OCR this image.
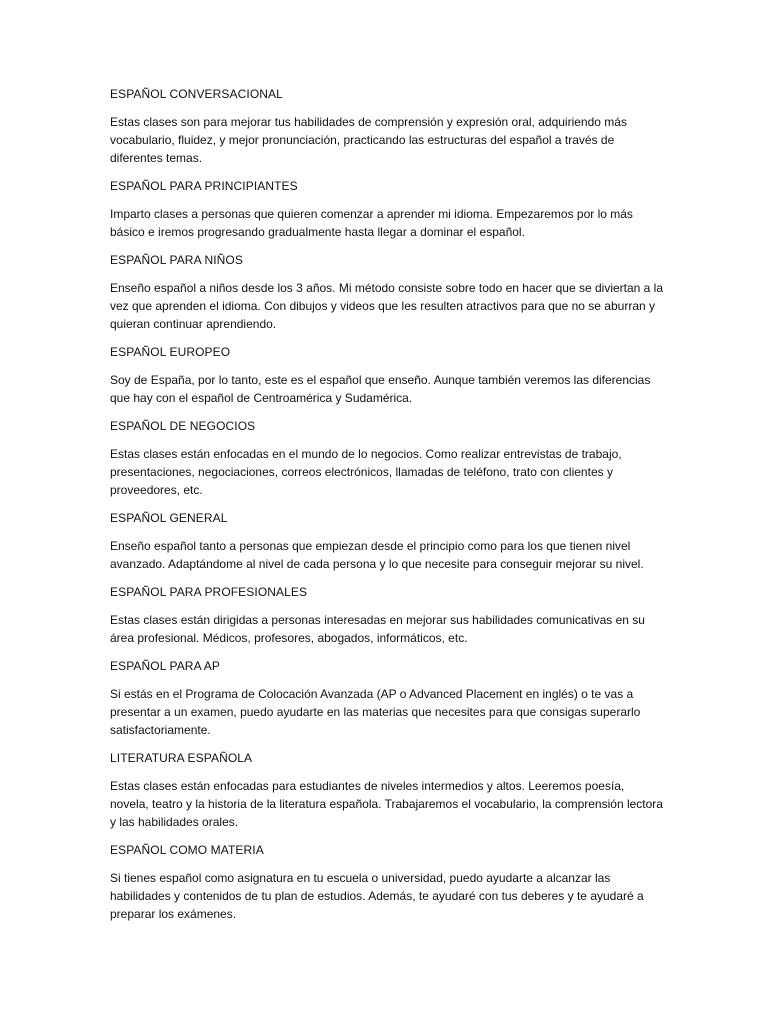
ESPAÑOL CONVERSACIONAL

Estas clases son para mejorar tus habilidades de comprensión y expresión oral, adquiriendo más vocabulario, fluidez, y mejor pronunciación, practicando las estructuras del español a través de diferentes temas.

ESPAÑOL PARA PRINCIPIANTES

Imparto clases a personas que quieren comenzar a aprender mi idioma. Empezaremos por lo más básico e iremos progresando gradualmente hasta llegar a dominar el español.

ESPAÑOL PARA NIÑOS

Enseño español a niños desde los 3 años. Mi método consiste sobre todo en hacer que se diviertan a la vez que aprenden el idioma. Con dibujos y videos que les resulten atractivos para que no se aburran y quieran continuar aprendiendo.

ESPAÑOL EUROPEO

Soy de España, por lo tanto, este es el español que enseño. Aunque también veremos las diferencias que hay con el español de Centroamérica y Sudamérica.

ESPAÑOL DE NEGOCIOS

Estas clases están enfocadas en el mundo de lo negocios. Como realizar entrevistas de trabajo, presentaciones, negociaciones, correos electrónicos, llamadas de teléfono, trato con clientes y proveedores, etc.

ESPAÑOL GENERAL

Enseño español tanto a personas que empiezan desde el principio como para los que tienen nivel avanzado. Adaptándome al nivel de cada persona y lo que necesite para conseguir mejorar su nivel.

ESPAÑOL PARA PROFESIONALES

Estas clases están dirigidas a personas interesadas en mejorar sus habilidades comunicativas en su área profesional. Médicos, profesores, abogados, informáticos, etc.

ESPAÑOL PARA AP

Si estás en el Programa de Colocación Avanzada (AP o Advanced Placement en inglés) o te vas a presentar a un examen, puedo ayudarte en las materias que necesites para que consigas superarlo satisfactoriamente.

LITERATURA ESPAÑOLA

Estas clases están enfocadas para estudiantes de niveles intermedios y altos. Leeremos poesía, novela, teatro y la historia de la literatura española. Trabajaremos el vocabulario, la comprensión lectora y las habilidades orales.

ESPAÑOL COMO MATERIA

Si tienes español como asignatura en tu escuela o universidad, puedo ayudarte a alcanzar las habilidades y contenidos de tu plan de estudios. Además, te ayudaré con tus deberes y te ayudaré a preparar los exámenes.
